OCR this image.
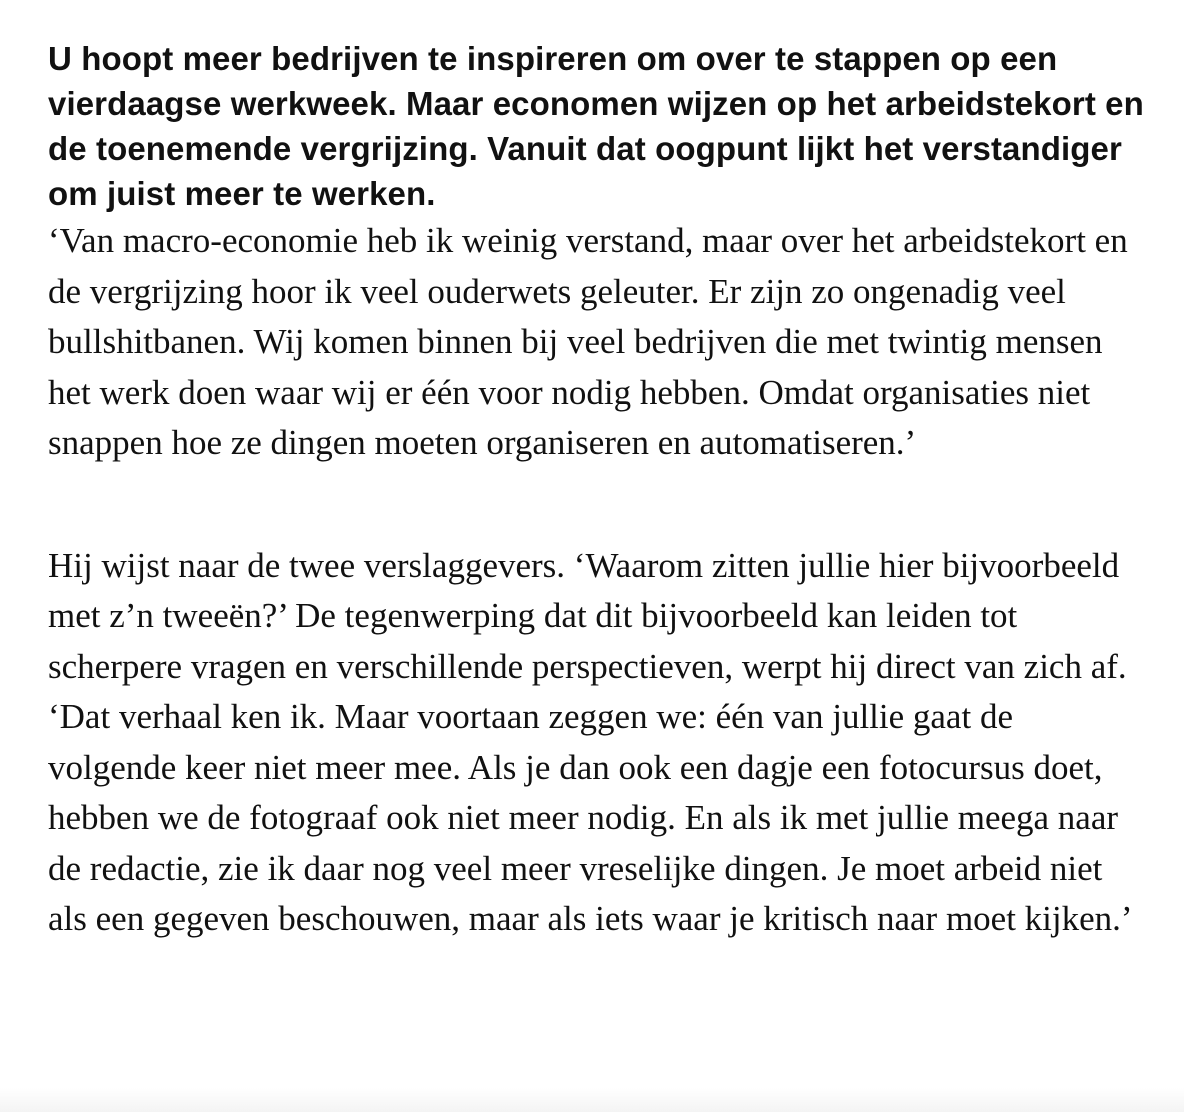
U hoopt meer bedrijven te inspireren om over te stappen op een vierdaagse werkweek. Maar economen wijzen op het arbeidstekort en de toenemende vergrijzing. Vanuit dat oogpunt lijkt het verstandiger om juist meer te werken.

‘Van macro-economie heb ik weinig verstand, maar over het arbeidstekort en de vergrijzing hoor ik veel ouderwets geleuter. Er zijn zo ongenadig veel bullshitbanen. Wij komen binnen bij veel bedrijven die met twintig mensen het werk doen waar wij er één voor nodig hebben. Omdat organisaties niet snappen hoe ze dingen moeten organiseren en automatiseren.’

Hij wijst naar de twee verslaggevers. ‘Waarom zitten jullie hier bijvoorbeeld met z’n tweeën?’ De tegenwerping dat dit bijvoorbeeld kan leiden tot scherpere vragen en verschillende perspectieven, werpt hij direct van zich af. ‘Dat verhaal ken ik. Maar voortaan zeggen we: één van jullie gaat de volgende keer niet meer mee. Als je dan ook een dagje een fotocursus doet, hebben we de fotograaf ook niet meer nodig. En als ik met jullie meega naar de redactie, zie ik daar nog veel meer vreselijke dingen. Je moet arbeid niet als een gegeven beschouwen, maar als iets waar je kritisch naar moet kijken.’
